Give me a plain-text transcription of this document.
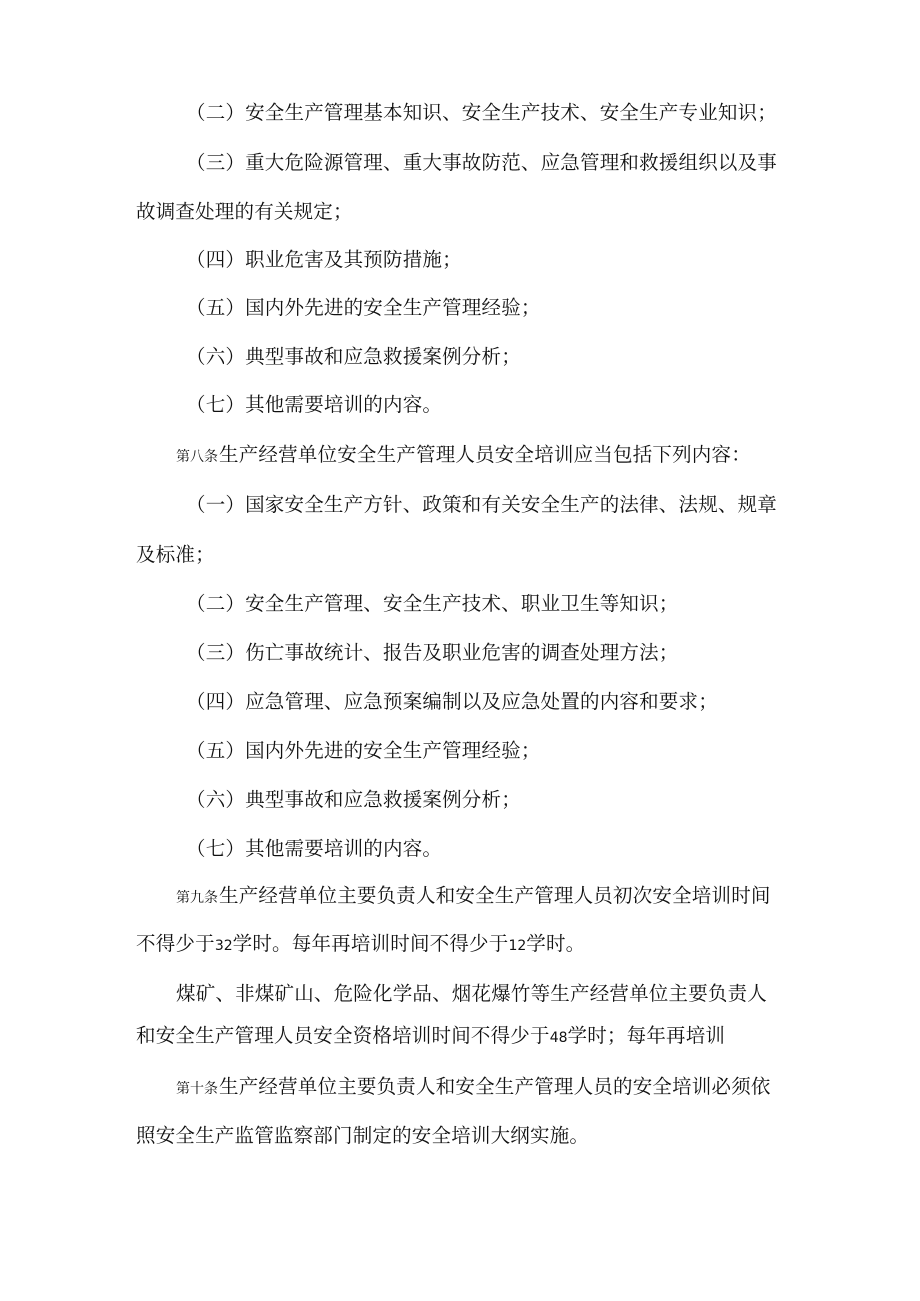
（二）安全生产管理基本知识、安全生产技术、安全生产专业知识；
（三）重大危险源管理、重大事故防范、应急管理和救援组织以及事
故调查处理的有关规定；
（四）职业危害及其预防措施；
（五）国内外先进的安全生产管理经验；
（六）典型事故和应急救援案例分析；
（七）其他需要培训的内容。
第八条生产经营单位安全生产管理人员安全培训应当包括下列内容：
（一）国家安全生产方针、政策和有关安全生产的法律、法规、规章
及标准；
（二）安全生产管理、安全生产技术、职业卫生等知识；
（三）伤亡事故统计、报告及职业危害的调查处理方法；
（四）应急管理、应急预案编制以及应急处置的内容和要求；
（五）国内外先进的安全生产管理经验；
（六）典型事故和应急救援案例分析；
（七）其他需要培训的内容。
第九条生产经营单位主要负责人和安全生产管理人员初次安全培训时间
不得少于32学时。每年再培训时间不得少于12学时。
煤矿、非煤矿山、危险化学品、烟花爆竹等生产经营单位主要负责人
和安全生产管理人员安全资格培训时间不得少于48学时；每年再培训
第十条生产经营单位主要负责人和安全生产管理人员的安全培训必须依
照安全生产监管监察部门制定的安全培训大纲实施。
